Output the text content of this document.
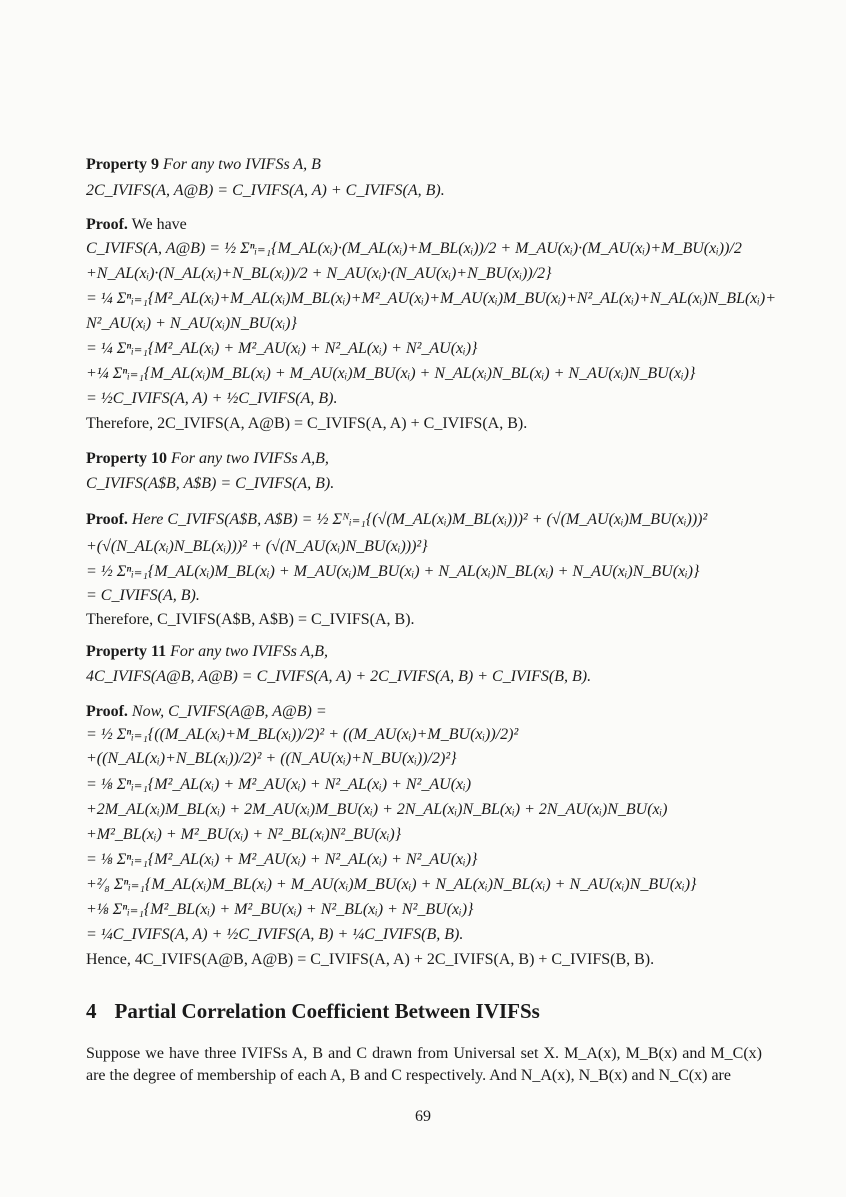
Property 9 For any two IVIFSs A, B
2C_IVIFS(A, A@B) = C_IVIFS(A, A) + C_IVIFS(A, B).
Proof. We have
C_IVIFS(A, A@B) = ½ Σⁿᵢ₌₁{M_AL(xᵢ)·(M_AL(xᵢ)+M_BL(xᵢ))/2 + M_AU(xᵢ)·(M_AU(xᵢ)+M_BU(xᵢ))/2
+N_AL(xᵢ)·(N_AL(xᵢ)+N_BL(xᵢ))/2 + N_AU(xᵢ)·(N_AU(xᵢ)+N_BU(xᵢ))/2}
= ¼ Σⁿᵢ₌₁{M²_AL(xᵢ)+M_AL(xᵢ)M_BL(xᵢ)+M²_AU(xᵢ)+M_AU(xᵢ)M_BU(xᵢ)+N²_AL(xᵢ)+N_AL(xᵢ)N_BL(xᵢ)+
N²_AU(xᵢ) + N_AU(xᵢ)N_BU(xᵢ)}
= ¼ Σⁿᵢ₌₁{M²_AL(xᵢ) + M²_AU(xᵢ) + N²_AL(xᵢ) + N²_AU(xᵢ)}
+¼ Σⁿᵢ₌₁{M_AL(xᵢ)M_BL(xᵢ) + M_AU(xᵢ)M_BU(xᵢ) + N_AL(xᵢ)N_BL(xᵢ) + N_AU(xᵢ)N_BU(xᵢ)}
= ½C_IVIFS(A, A) + ½C_IVIFS(A, B).
Therefore, 2C_IVIFS(A, A@B) = C_IVIFS(A, A) + C_IVIFS(A, B).
Property 10 For any two IVIFSs A,B,
C_IVIFS(A$B, A$B) = C_IVIFS(A, B).
Proof. Here C_IVIFS(A$B, A$B) = ½ Σᴺᵢ₌₁{(√(M_AL(xᵢ)M_BL(xᵢ)))² + (√(M_AU(xᵢ)M_BU(xᵢ)))²
+(√(N_AL(xᵢ)N_BL(xᵢ)))² + (√(N_AU(xᵢ)N_BU(xᵢ)))²}
= ½ Σⁿᵢ₌₁{M_AL(xᵢ)M_BL(xᵢ) + M_AU(xᵢ)M_BU(xᵢ) + N_AL(xᵢ)N_BL(xᵢ) + N_AU(xᵢ)N_BU(xᵢ)}
= C_IVIFS(A, B).
Therefore, C_IVIFS(A$B, A$B) = C_IVIFS(A, B).
Property 11 For any two IVIFSs A,B,
4C_IVIFS(A@B, A@B) = C_IVIFS(A, A) + 2C_IVIFS(A, B) + C_IVIFS(B, B).
Proof. Now, C_IVIFS(A@B, A@B) =
= ½ Σⁿᵢ₌₁{((M_AL(xᵢ)+M_BL(xᵢ))/2)² + ((M_AU(xᵢ)+M_BU(xᵢ))/2)²
+((N_AL(xᵢ)+N_BL(xᵢ))/2)² + ((N_AU(xᵢ)+N_BU(xᵢ))/2)²}
= ⅛ Σⁿᵢ₌₁{M²_AL(xᵢ) + M²_AU(xᵢ) + N²_AL(xᵢ) + N²_AU(xᵢ)
+2M_AL(xᵢ)M_BL(xᵢ) + 2M_AU(xᵢ)M_BU(xᵢ) + 2N_AL(xᵢ)N_BL(xᵢ) + 2N_AU(xᵢ)N_BU(xᵢ)
+M²_BL(xᵢ) + M²_BU(xᵢ) + N²_BL(xᵢ)N²_BU(xᵢ)}
= ⅛ Σⁿᵢ₌₁{M²_AL(xᵢ) + M²_AU(xᵢ) + N²_AL(xᵢ) + N²_AU(xᵢ)}
+²⁄₈ Σⁿᵢ₌₁{M_AL(xᵢ)M_BL(xᵢ) + M_AU(xᵢ)M_BU(xᵢ) + N_AL(xᵢ)N_BL(xᵢ) + N_AU(xᵢ)N_BU(xᵢ)}
+⅛ Σⁿᵢ₌₁{M²_BL(xᵢ) + M²_BU(xᵢ) + N²_BL(xᵢ) + N²_BU(xᵢ)}
= ¼C_IVIFS(A, A) + ½C_IVIFS(A, B) + ¼C_IVIFS(B, B).
Hence, 4C_IVIFS(A@B, A@B) = C_IVIFS(A, A) + 2C_IVIFS(A, B) + C_IVIFS(B, B).
4 Partial Correlation Coefficient Between IVIFSs
Suppose we have three IVIFSs A, B and C drawn from Universal set X. M_A(x), M_B(x) and M_C(x) are the degree of membership of each A, B and C respectively. And N_A(x), N_B(x) and N_C(x) are
69
